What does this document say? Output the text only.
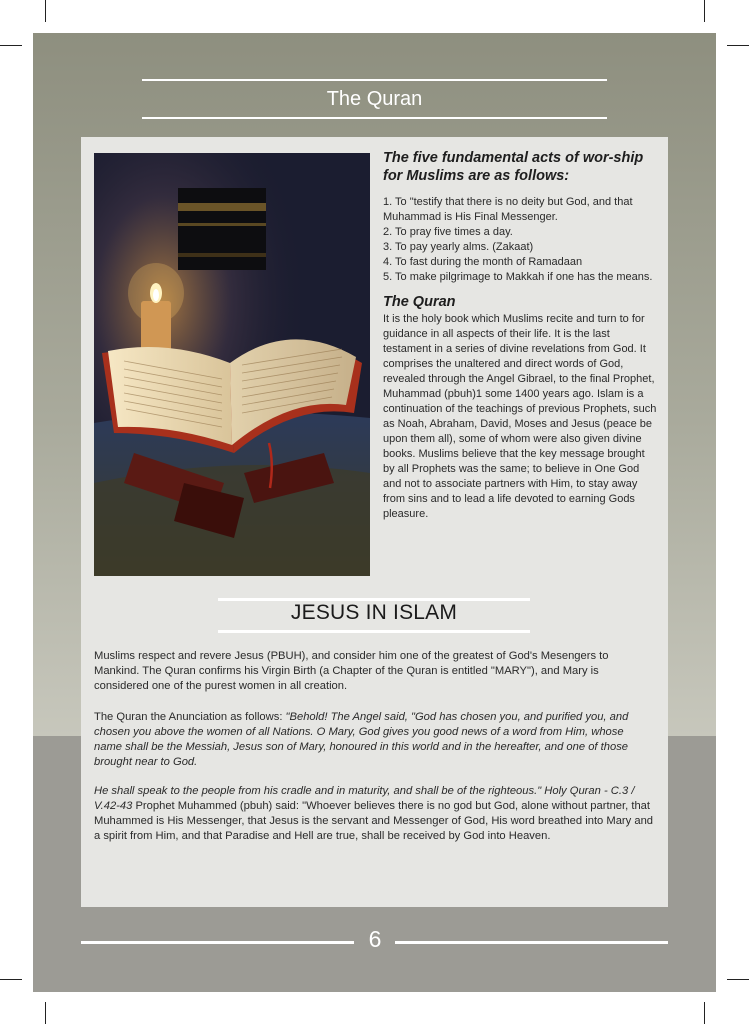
The Quran

The five fundamental acts of wor-ship for Muslims are as follows:

1. To "testify that there is no deity but God, and that Muhammad is His Final Messenger.
2. To pray five times a day.
3. To pay yearly alms. (Zakaat)
4. To fast during the month of Ramadaan
5. To make pilgrimage to Makkah if one has the means.

The Quran

It is the holy book which Muslims recite and turn to for guidance in all aspects of their life. It is the last testament in a series of divine revelations from God. It comprises the unaltered and direct words of God, revealed through the Angel Gibrael, to the final Prophet, Muhammad (pbuh)1 some 1400 years ago. Islam is a continuation of the teachings of previous Prophets, such as Noah, Abraham, David, Moses and Jesus (peace be upon them all), some of whom were also given divine books. Muslims believe that the key message brought by all Prophets was the same; to believe in One God and not to associate partners with Him, to stay away from sins and to lead a life devoted to earning Gods pleasure.

JESUS IN ISLAM

Muslims respect and revere Jesus (PBUH), and consider him one of the greatest of God's Mesengers to Mankind. The Quran confirms his Virgin Birth (a Chapter of the Quran is entitled "MARY"), and Mary is considered one of the purest women in all creation.

The Quran the Anunciation as follows: "Behold! The Angel said, "God has chosen you, and purified you, and chosen you above the women of all Nations. O Mary, God gives you good news of a word from Him, whose name shall be the Messiah, Jesus son of Mary, honoured in this world and in the hereafter, and one of those brought near to God.

He shall speak to the people from his cradle and in maturity, and shall be of the righteous." Holy Quran - C.3 / V.42-43 Prophet Muhammed (pbuh) said: "Whoever believes there is no god but God, alone without partner, that Muhammed is His Messenger, that Jesus is the servant and Messenger of God, His word breathed into Mary and a spirit from Him, and that Paradise and Hell are true, shall be received by God into Heaven.

6
